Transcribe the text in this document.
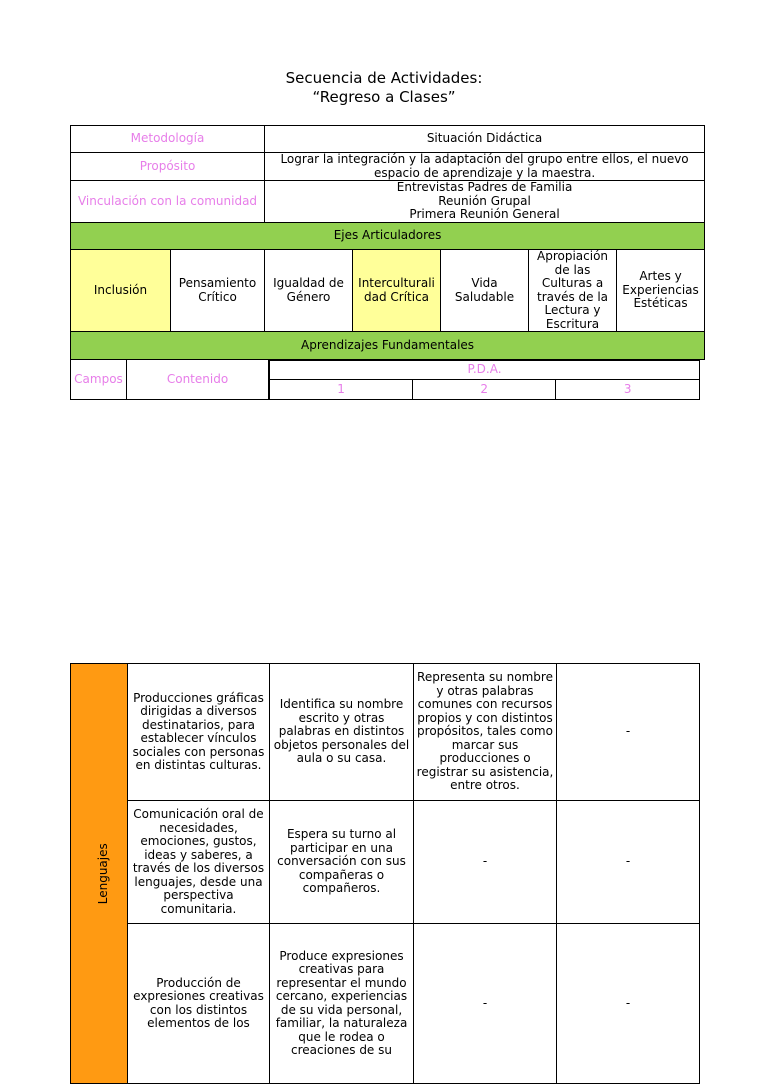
Secuencia de Actividades:
“Regreso a Clases”
Metodología		Situación Didáctica				
Propósito		Lograr la integración y la adaptación del grupo entre ellos, el nuevo espacio de aprendizaje y la maestra.				
Vinculación con la comunidad		Entrevistas Padres de Familia
Reunión Grupal
Primera Reunión General				

Ejes Articuladores						
Inclusión	Pensamiento Crítico	Igualdad de Género	Interculturalidad Crítica	Vida Saludable	Apropiación de las Culturas a través de la Lectura y Escritura	Artes y Experiencias Estéticas
Aprendizajes Fundamentales						
Campos	Contenido	
P.D.A.
1	2	3
Lenguajes	Producciones gráficas dirigidas a diversos destinatarios, para establecer vínculos sociales con personas en distintas culturas.	Identifica su nombre escrito y otras palabras en distintos objetos personales del aula o su casa.	Representa su nombre y otras palabras comunes con recursos propios y con distintos propósitos, tales como marcar sus producciones o registrar su asistencia, entre otros.	-
	Comunicación oral de necesidades, emociones, gustos, ideas y saberes, a través de los diversos lenguajes, desde una perspectiva comunitaria.	Espera su turno al participar en una conversación con sus compañeras o compañeros.	-	-
	Producción de expresiones creativas con los distintos elementos de los	Produce expresiones creativas para representar el mundo cercano, experiencias de su vida personal, familiar, la naturaleza que le rodea o creaciones de su	-	-
